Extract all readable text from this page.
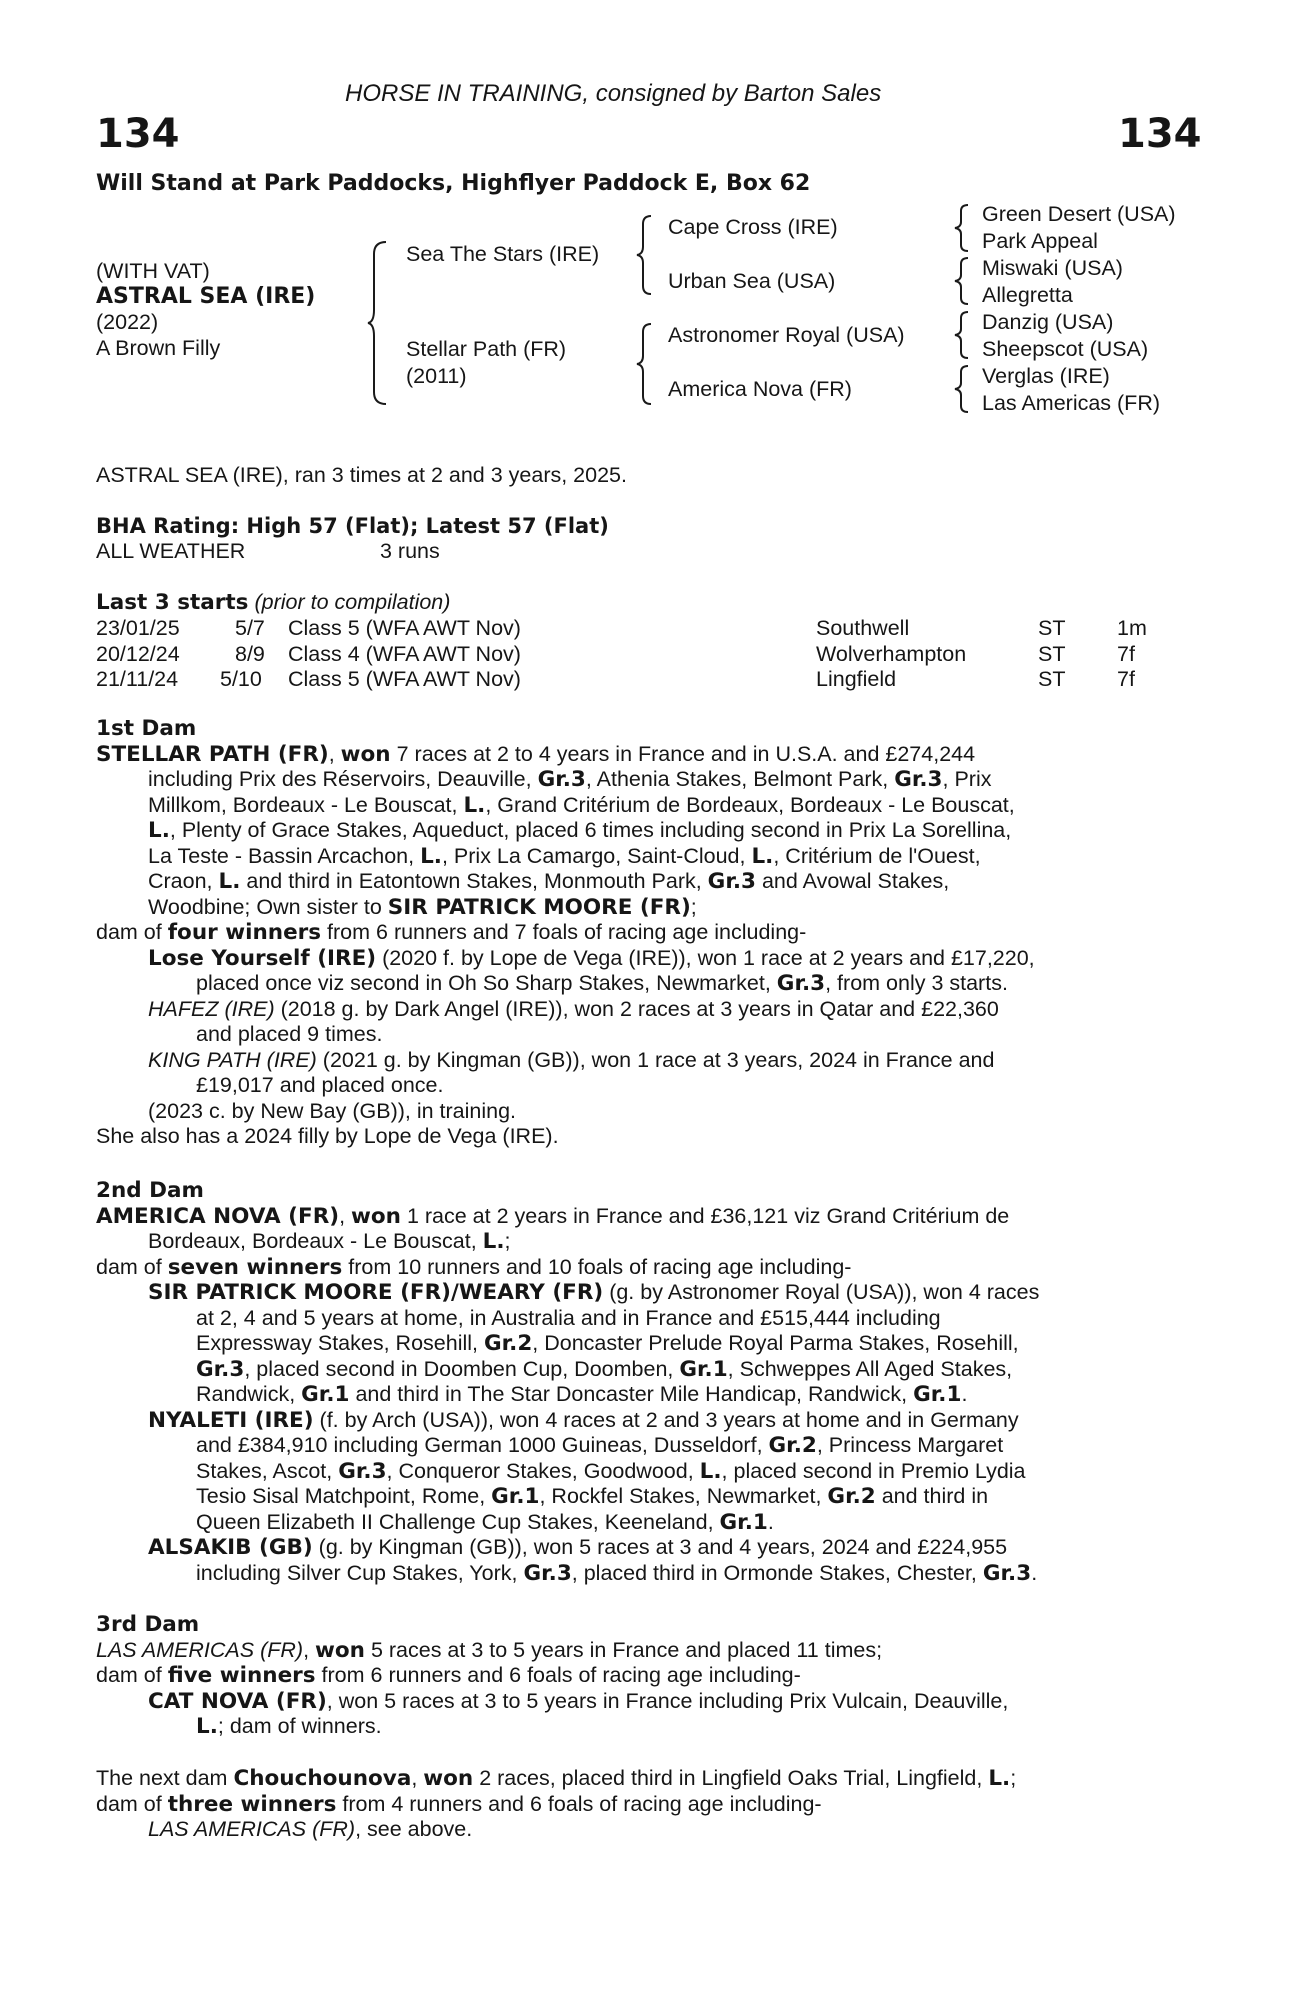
HORSE IN TRAINING, consigned by Barton Sales
134	134
Will Stand at Park Paddocks, Highflyer Paddock E, Box 62
(WITH VAT)
ASTRAL SEA (IRE)
(2022)
A Brown Filly
Sea The Stars (IRE)
Stellar Path (FR)
(2011)
Cape Cross (IRE)
Urban Sea (USA)
Astronomer Royal (USA)
America Nova (FR)
Green Desert (USA)
Park Appeal
Miswaki (USA)
Allegretta
Danzig (USA)
Sheepscot (USA)
Verglas (IRE)
Las Americas (FR)
ASTRAL SEA (IRE), ran 3 times at 2 and 3 years, 2025.
BHA Rating: High 57 (Flat); Latest 57 (Flat)
ALL WEATHER	3 runs
Last 3 starts (prior to compilation)
23/01/25	5/7 Class 5 (WFA AWT Nov)	Southwell	ST 1m
20/12/24	8/9 Class 4 (WFA AWT Nov)	Wolverhampton	ST 7f
21/11/24 5/10 Class 5 (WFA AWT Nov)	Lingfield	ST 7f
1st Dam
STELLAR PATH (FR), won 7 races at 2 to 4 years in France and in U.S.A. and £274,244
including Prix des Réservoirs, Deauville, Gr.3, Athenia Stakes, Belmont Park, Gr.3, Prix
Millkom, Bordeaux - Le Bouscat, L., Grand Critérium de Bordeaux, Bordeaux - Le Bouscat,
L., Plenty of Grace Stakes, Aqueduct, placed 6 times including second in Prix La Sorellina,
La Teste - Bassin Arcachon, L., Prix La Camargo, Saint-Cloud, L., Critérium de l'Ouest,
Craon, L. and third in Eatontown Stakes, Monmouth Park, Gr.3 and Avowal Stakes,
Woodbine; Own sister to SIR PATRICK MOORE (FR);
dam of four winners from 6 runners and 7 foals of racing age including-
Lose Yourself (IRE) (2020 f. by Lope de Vega (IRE)), won 1 race at 2 years and £17,220,
placed once viz second in Oh So Sharp Stakes, Newmarket, Gr.3, from only 3 starts.
HAFEZ (IRE) (2018 g. by Dark Angel (IRE)), won 2 races at 3 years in Qatar and £22,360
and placed 9 times.
KING PATH (IRE) (2021 g. by Kingman (GB)), won 1 race at 3 years, 2024 in France and
£19,017 and placed once.
(2023 c. by New Bay (GB)), in training.
She also has a 2024 filly by Lope de Vega (IRE).
2nd Dam
AMERICA NOVA (FR), won 1 race at 2 years in France and £36,121 viz Grand Critérium de
Bordeaux, Bordeaux - Le Bouscat, L.;
dam of seven winners from 10 runners and 10 foals of racing age including-
SIR PATRICK MOORE (FR)/WEARY (FR) (g. by Astronomer Royal (USA)), won 4 races
at 2, 4 and 5 years at home, in Australia and in France and £515,444 including
Expressway Stakes, Rosehill, Gr.2, Doncaster Prelude Royal Parma Stakes, Rosehill,
Gr.3, placed second in Doomben Cup, Doomben, Gr.1, Schweppes All Aged Stakes,
Randwick, Gr.1 and third in The Star Doncaster Mile Handicap, Randwick, Gr.1.
NYALETI (IRE) (f. by Arch (USA)), won 4 races at 2 and 3 years at home and in Germany
and £384,910 including German 1000 Guineas, Dusseldorf, Gr.2, Princess Margaret
Stakes, Ascot, Gr.3, Conqueror Stakes, Goodwood, L., placed second in Premio Lydia
Tesio Sisal Matchpoint, Rome, Gr.1, Rockfel Stakes, Newmarket, Gr.2 and third in
Queen Elizabeth II Challenge Cup Stakes, Keeneland, Gr.1.
ALSAKIB (GB) (g. by Kingman (GB)), won 5 races at 3 and 4 years, 2024 and £224,955
including Silver Cup Stakes, York, Gr.3, placed third in Ormonde Stakes, Chester, Gr.3.
3rd Dam
LAS AMERICAS (FR), won 5 races at 3 to 5 years in France and placed 11 times;
dam of five winners from 6 runners and 6 foals of racing age including-
CAT NOVA (FR), won 5 races at 3 to 5 years in France including Prix Vulcain, Deauville,
L.; dam of winners.
The next dam Chouchounova, won 2 races, placed third in Lingfield Oaks Trial, Lingfield, L.;
dam of three winners from 4 runners and 6 foals of racing age including-
LAS AMERICAS (FR), see above.
